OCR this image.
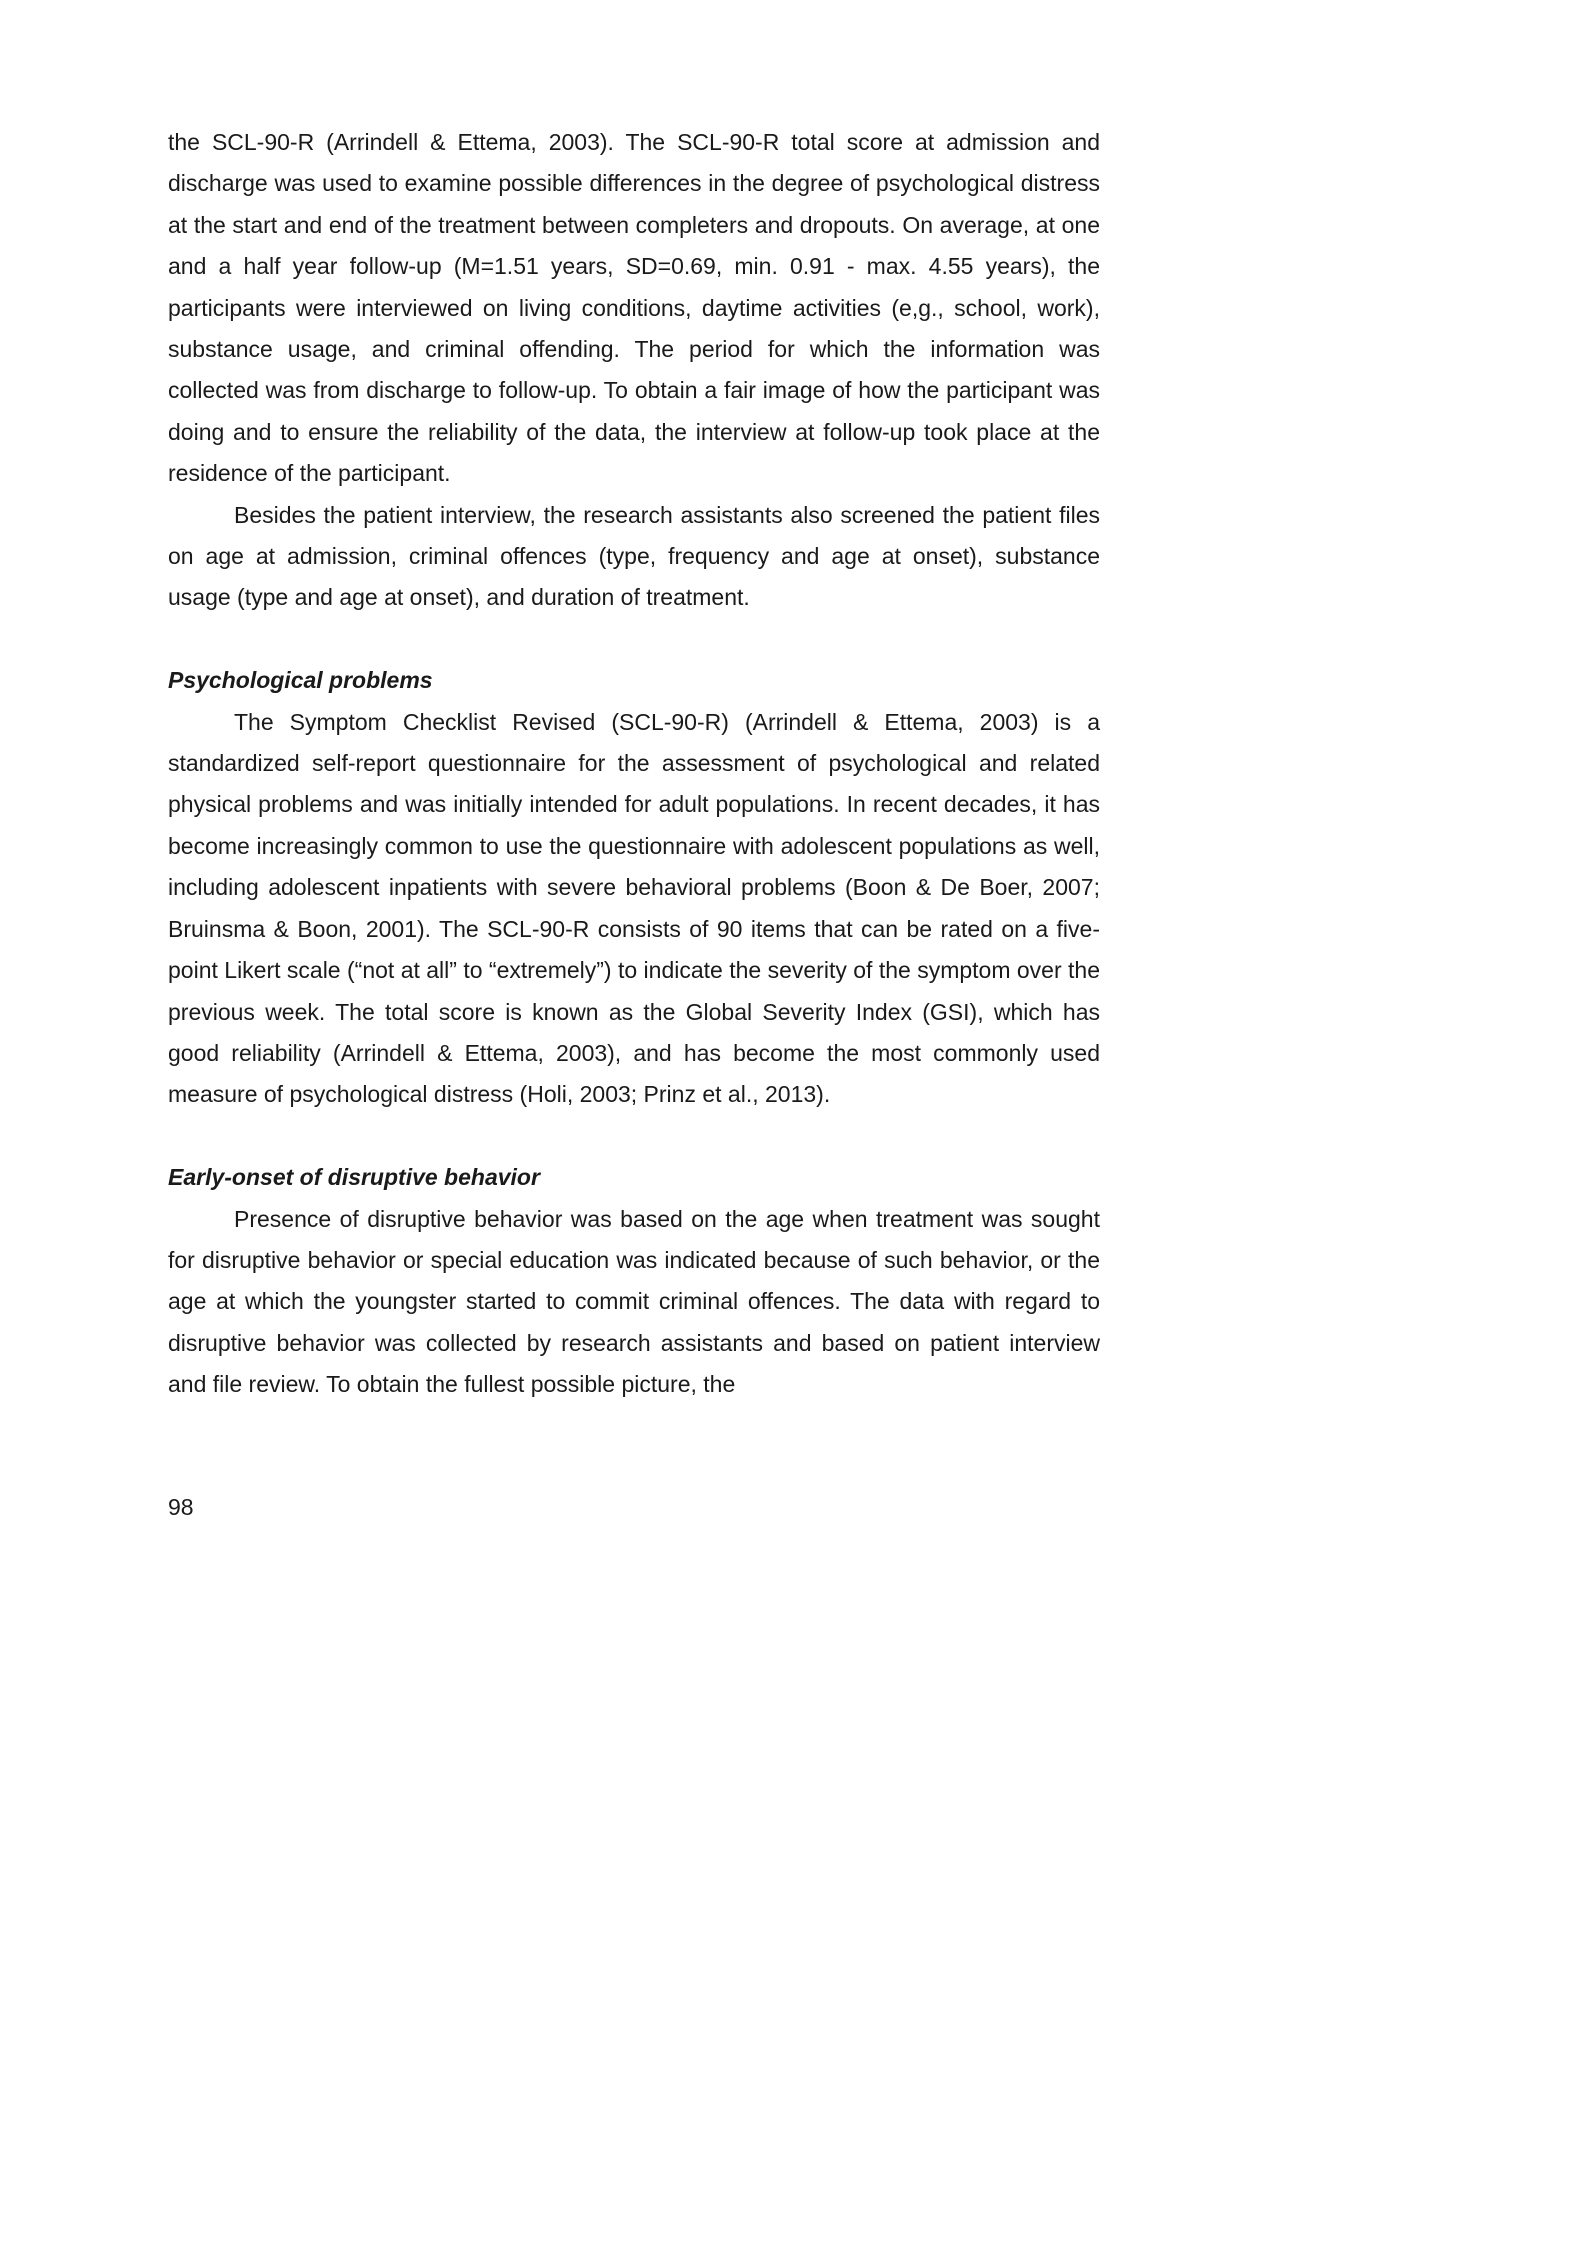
the SCL-90-R (Arrindell & Ettema, 2003). The SCL-90-R total score at admission and discharge was used to examine possible differences in the degree of psychological distress at the start and end of the treatment between completers and dropouts. On average, at one and a half year follow-up (M=1.51 years, SD=0.69, min. 0.91 - max. 4.55 years), the participants were interviewed on living conditions, daytime activities (e,g., school, work), substance usage, and criminal offending. The period for which the information was collected was from discharge to follow-up. To obtain a fair image of how the participant was doing and to ensure the reliability of the data, the interview at follow-up took place at the residence of the participant.

Besides the patient interview, the research assistants also screened the patient files on age at admission, criminal offences (type, frequency and age at onset), substance usage (type and age at onset), and duration of treatment.

Psychological problems

The Symptom Checklist Revised (SCL-90-R) (Arrindell & Ettema, 2003) is a standardized self-report questionnaire for the assessment of psychological and related physical problems and was initially intended for adult populations. In recent decades, it has become increasingly common to use the questionnaire with adolescent populations as well, including adolescent inpatients with severe behavioral problems (Boon & De Boer, 2007; Bruinsma & Boon, 2001). The SCL-90-R consists of 90 items that can be rated on a five-point Likert scale (“not at all” to “extremely”) to indicate the severity of the symptom over the previous week. The total score is known as the Global Severity Index (GSI), which has good reliability (Arrindell & Ettema, 2003), and has become the most commonly used measure of psychological distress (Holi, 2003; Prinz et al., 2013).

Early-onset of disruptive behavior

Presence of disruptive behavior was based on the age when treatment was sought for disruptive behavior or special education was indicated because of such behavior, or the age at which the youngster started to commit criminal offences. The data with regard to disruptive behavior was collected by research assistants and based on patient interview and file review. To obtain the fullest possible picture, the

98
